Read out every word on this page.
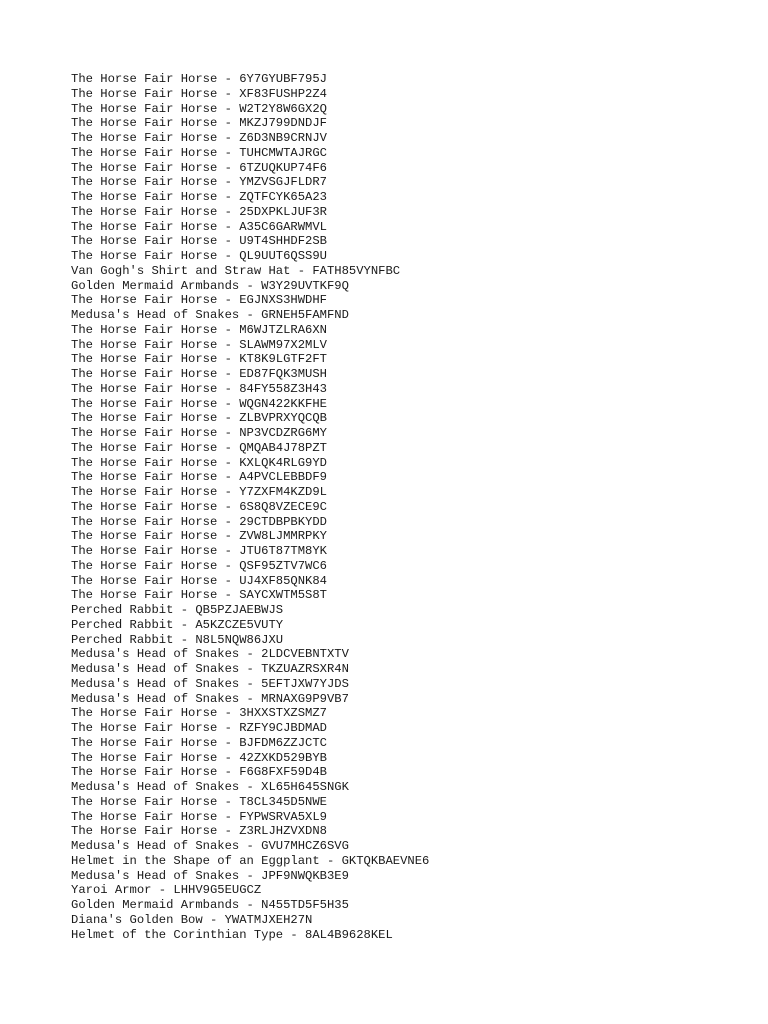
The Horse Fair Horse - 6Y7GYUBF795J
The Horse Fair Horse - XF83FUSHP2Z4
The Horse Fair Horse - W2T2Y8W6GX2Q
The Horse Fair Horse - MKZJ799DNDJF
The Horse Fair Horse - Z6D3NB9CRNJV
The Horse Fair Horse - TUHCMWTAJRGC
The Horse Fair Horse - 6TZUQKUP74F6
The Horse Fair Horse - YMZVSGJFLDR7
The Horse Fair Horse - ZQTFCYK65A23
The Horse Fair Horse - 25DXPKLJUF3R
The Horse Fair Horse - A35C6GARWMVL
The Horse Fair Horse - U9T4SHHDF2SB
The Horse Fair Horse - QL9UUT6QSS9U
Van Gogh's Shirt and Straw Hat - FATH85VYNFBC
Golden Mermaid Armbands - W3Y29UVTKF9Q
The Horse Fair Horse - EGJNXS3HWDHF
Medusa's Head of Snakes - GRNEH5FAMFND
The Horse Fair Horse - M6WJTZLRA6XN
The Horse Fair Horse - SLAWM97X2MLV
The Horse Fair Horse - KT8K9LGTF2FT
The Horse Fair Horse - ED87FQK3MUSH
The Horse Fair Horse - 84FY558Z3H43
The Horse Fair Horse - WQGN422KKFHE
The Horse Fair Horse - ZLBVPRXYQCQB
The Horse Fair Horse - NP3VCDZRG6MY
The Horse Fair Horse - QMQAB4J78PZT
The Horse Fair Horse - KXLQK4RLG9YD
The Horse Fair Horse - A4PVCLEBBDF9
The Horse Fair Horse - Y7ZXFM4KZD9L
The Horse Fair Horse - 6S8Q8VZECE9C
The Horse Fair Horse - 29CTDBPBKYDD
The Horse Fair Horse - ZVW8LJMMRPKY
The Horse Fair Horse - JTU6T87TM8YK
The Horse Fair Horse - QSF95ZTV7WC6
The Horse Fair Horse - UJ4XF85QNK84
The Horse Fair Horse - SAYCXWTM5S8T
Perched Rabbit - QB5PZJAEBWJS
Perched Rabbit - A5KZCZE5VUTY
Perched Rabbit - N8L5NQW86JXU
Medusa's Head of Snakes - 2LDCVEBNTXTV
Medusa's Head of Snakes - TKZUAZRSXR4N
Medusa's Head of Snakes - 5EFTJXW7YJDS
Medusa's Head of Snakes - MRNAXG9P9VB7
The Horse Fair Horse - 3HXXSTXZSMZ7
The Horse Fair Horse - RZFY9CJBDMAD
The Horse Fair Horse - BJFDM6ZZJCTC
The Horse Fair Horse - 42ZXKD529BYB
The Horse Fair Horse - F6G8FXF59D4B
Medusa's Head of Snakes - XL65H645SNGK
The Horse Fair Horse - T8CL345D5NWE
The Horse Fair Horse - FYPWSRVA5XL9
The Horse Fair Horse - Z3RLJHZVXDN8
Medusa's Head of Snakes - GVU7MHCZ6SVG
Helmet in the Shape of an Eggplant - GKTQKBAEVNE6
Medusa's Head of Snakes - JPF9NWQKB3E9
Yaroi Armor - LHHV9G5EUGCZ
Golden Mermaid Armbands - N455TD5F5H35
Diana's Golden Bow - YWATMJXEH27N
Helmet of the Corinthian Type - 8AL4B9628KEL
